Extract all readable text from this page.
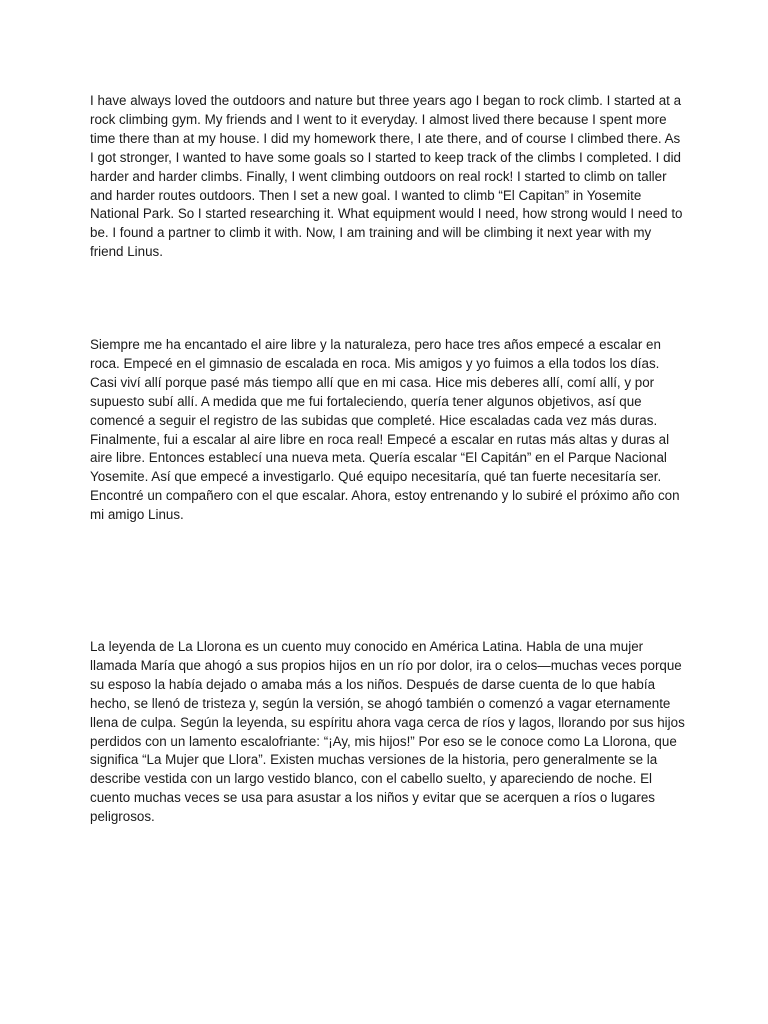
I have always loved the outdoors and nature but three years ago I began to rock climb. I started at a rock climbing gym. My friends and I went to it everyday. I almost lived there because I spent more time there than at my house. I did my homework there, I ate there, and of course I climbed there. As I got stronger, I wanted to have some goals so I started to keep track of the climbs I completed. I did harder and harder climbs. Finally, I went climbing outdoors on real rock! I started to climb on taller and harder routes outdoors. Then I set a new goal. I wanted to climb “El Capitan” in Yosemite National Park. So I started researching it. What equipment would I need, how strong would I need to be. I found a partner to climb it with. Now, I am training and will be climbing it next year with my friend Linus.

Siempre me ha encantado el aire libre y la naturaleza, pero hace tres años empecé a escalar en roca. Empecé en el gimnasio de escalada en roca. Mis amigos y yo fuimos a ella todos los días. Casi viví allí porque pasé más tiempo allí que en mi casa. Hice mis deberes allí, comí allí, y por supuesto subí allí. A medida que me fui fortaleciendo, quería tener algunos objetivos, así que comencé a seguir el registro de las subidas que completé. Hice escaladas cada vez más duras. Finalmente, fui a escalar al aire libre en roca real! Empecé a escalar en rutas más altas y duras al aire libre. Entonces establecí una nueva meta. Quería escalar “El Capitán” en el Parque Nacional Yosemite. Así que empecé a investigarlo. Qué equipo necesitaría, qué tan fuerte necesitaría ser. Encontré un compañero con el que escalar. Ahora, estoy entrenando y lo subiré el próximo año con mi amigo Linus.

La leyenda de La Llorona es un cuento muy conocido en América Latina. Habla de una mujer llamada María que ahogó a sus propios hijos en un río por dolor, ira o celos—muchas veces porque su esposo la había dejado o amaba más a los niños. Después de darse cuenta de lo que había hecho, se llenó de tristeza y, según la versión, se ahogó también o comenzó a vagar eternamente llena de culpa. Según la leyenda, su espíritu ahora vaga cerca de ríos y lagos, llorando por sus hijos perdidos con un lamento escalofriante: “¡Ay, mis hijos!” Por eso se le conoce como La Llorona, que significa “La Mujer que Llora”. Existen muchas versiones de la historia, pero generalmente se la describe vestida con un largo vestido blanco, con el cabello suelto, y apareciendo de noche. El cuento muchas veces se usa para asustar a los niños y evitar que se acerquen a ríos o lugares peligrosos.
